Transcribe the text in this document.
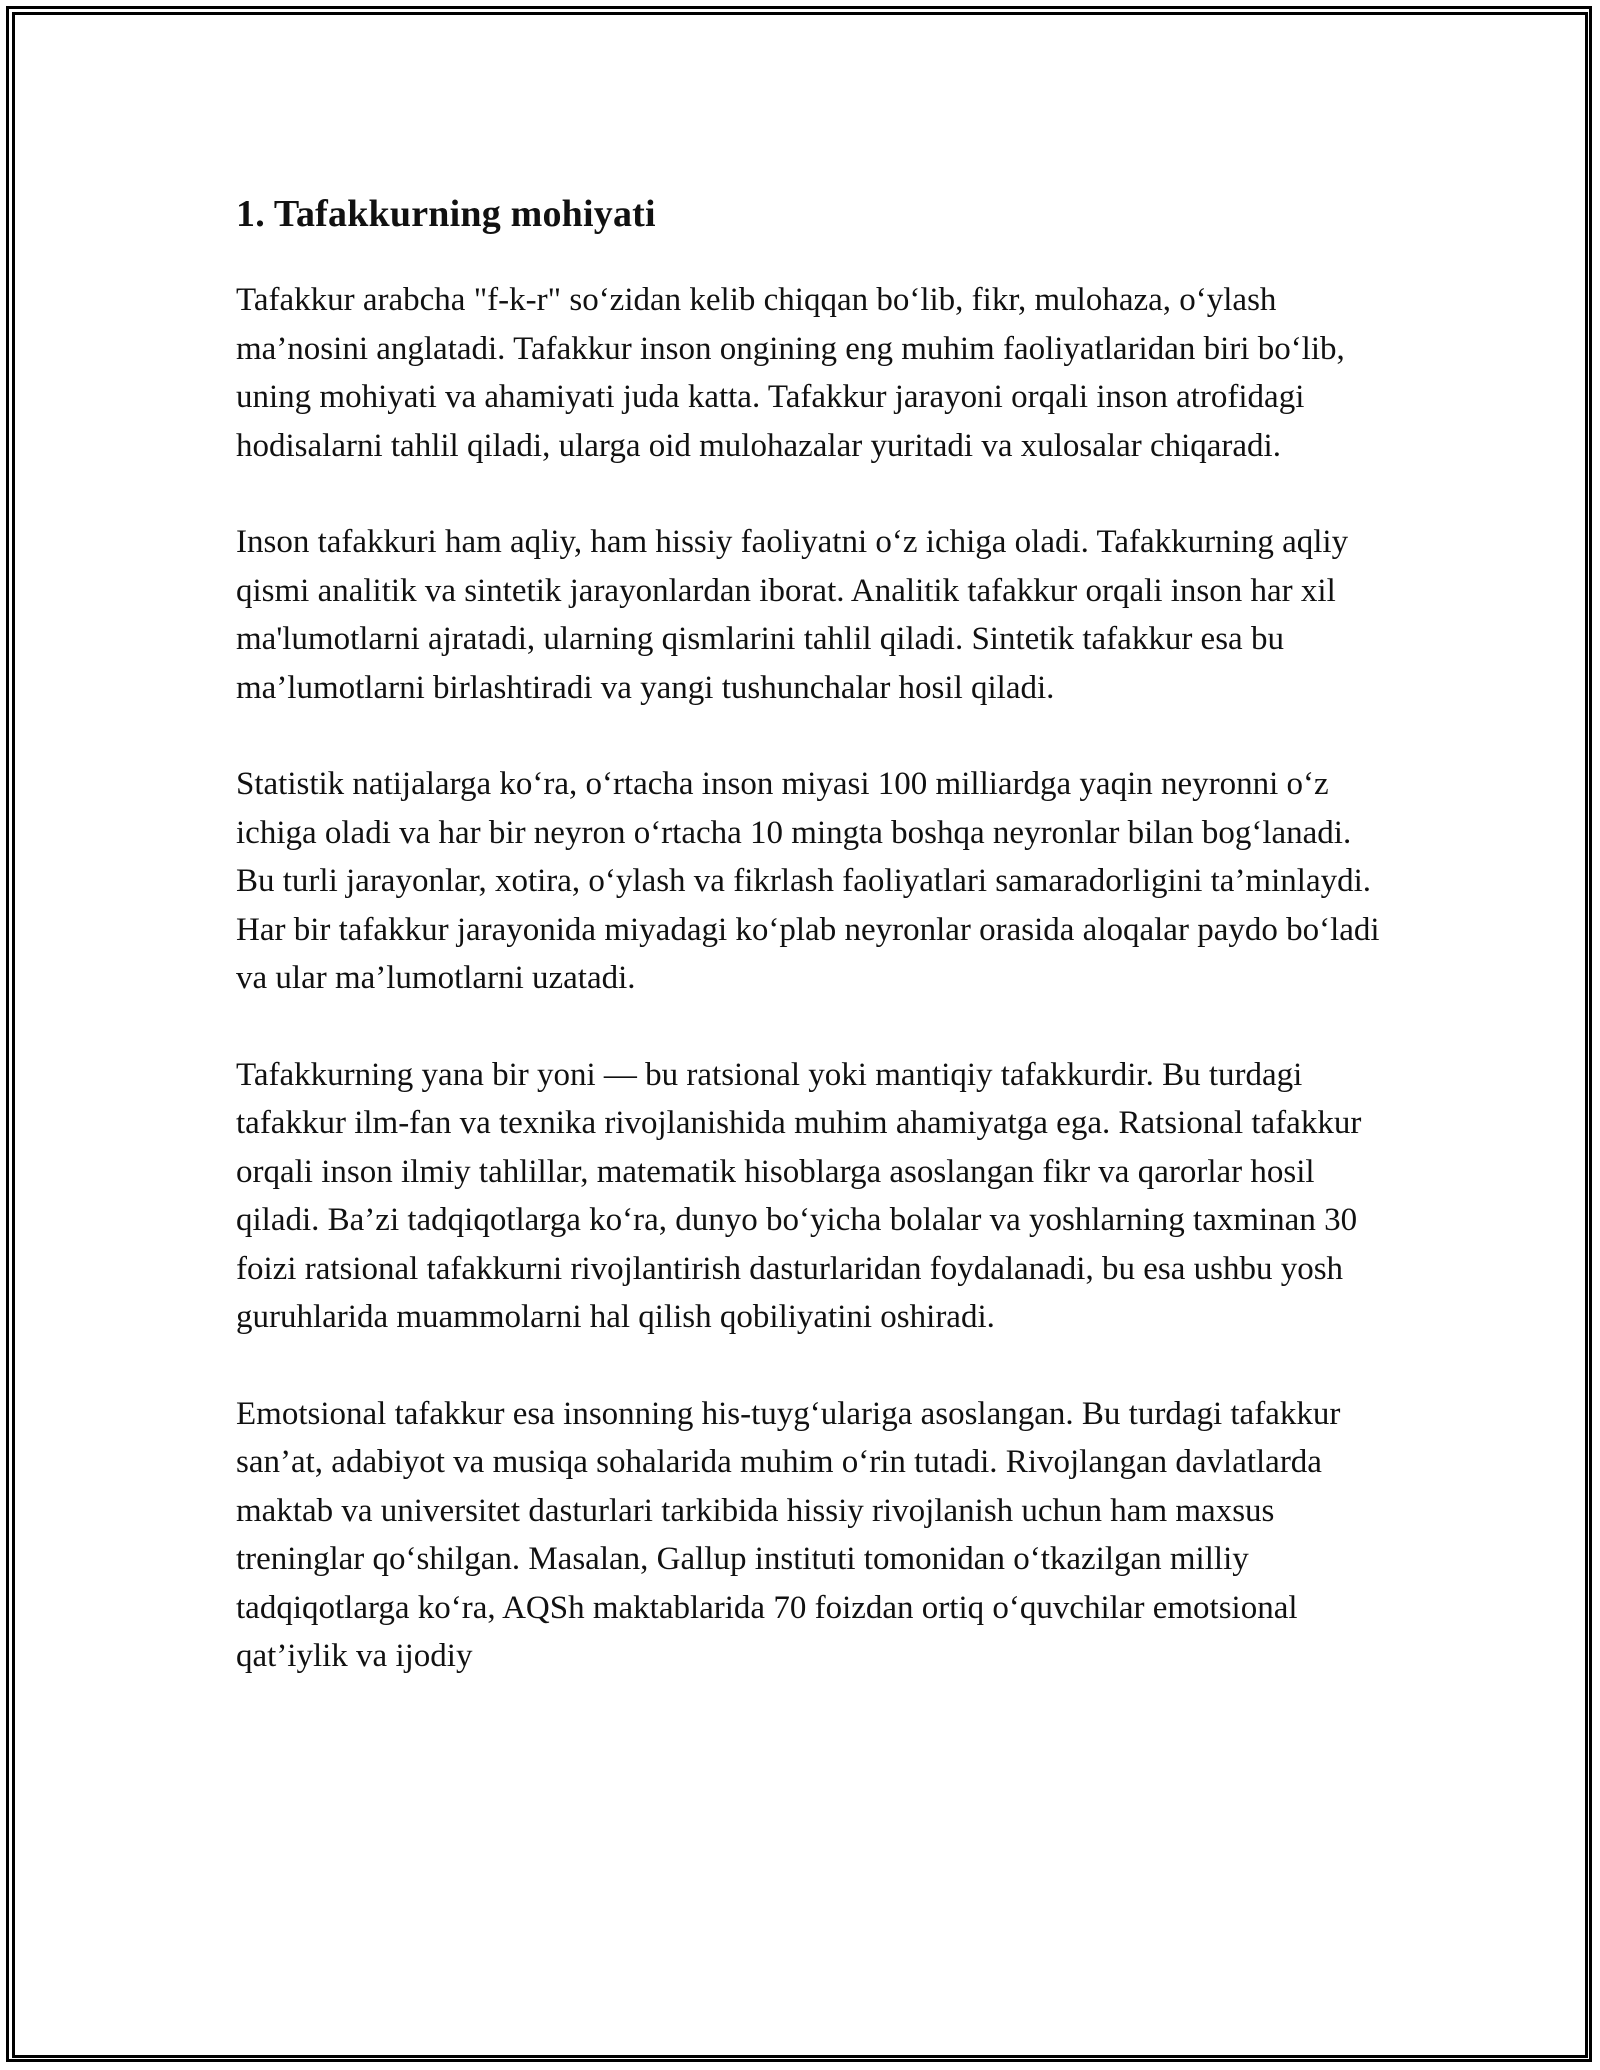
1. Tafakkurning mohiyati

Tafakkur arabcha "f-k-r" so‘zidan kelib chiqqan bo‘lib, fikr, mulohaza, o‘ylash ma’nosini anglatadi. Tafakkur inson ongining eng muhim faoliyatlaridan biri bo‘lib, uning mohiyati va ahamiyati juda katta. Tafakkur jarayoni orqali inson atrofidagi hodisalarni tahlil qiladi, ularga oid mulohazalar yuritadi va xulosalar chiqaradi.

Inson tafakkuri ham aqliy, ham hissiy faoliyatni o‘z ichiga oladi. Tafakkurning aqliy qismi analitik va sintetik jarayonlardan iborat. Analitik tafakkur orqali inson har xil ma'lumotlarni ajratadi, ularning qismlarini tahlil qiladi. Sintetik tafakkur esa bu ma’lumotlarni birlashtiradi va yangi tushunchalar hosil qiladi.

Statistik natijalarga ko‘ra, o‘rtacha inson miyasi 100 milliardga yaqin neyronni o‘z ichiga oladi va har bir neyron o‘rtacha 10 mingta boshqa neyronlar bilan bog‘lanadi. Bu turli jarayonlar, xotira, o‘ylash va fikrlash faoliyatlari samaradorligini ta’minlaydi. Har bir tafakkur jarayonida miyadagi ko‘plab neyronlar orasida aloqalar paydo bo‘ladi va ular ma’lumotlarni uzatadi.

Tafakkurning yana bir yoni — bu ratsional yoki mantiqiy tafakkurdir. Bu turdagi tafakkur ilm-fan va texnika rivojlanishida muhim ahamiyatga ega. Ratsional tafakkur orqali inson ilmiy tahlillar, matematik hisoblarga asoslangan fikr va qarorlar hosil qiladi. Ba’zi tadqiqotlarga ko‘ra, dunyo bo‘yicha bolalar va yoshlarning taxminan 30 foizi ratsional tafakkurni rivojlantirish dasturlaridan foydalanadi, bu esa ushbu yosh guruhlarida muammolarni hal qilish qobiliyatini oshiradi.

Emotsional tafakkur esa insonning his-tuyg‘ulariga asoslangan. Bu turdagi tafakkur san’at, adabiyot va musiqa sohalarida muhim o‘rin tutadi. Rivojlangan davlatlarda maktab va universitet dasturlari tarkibida hissiy rivojlanish uchun ham maxsus treninglar qo‘shilgan. Masalan, Gallup instituti tomonidan o‘tkazilgan milliy tadqiqotlarga ko‘ra, AQSh maktablarida 70 foizdan ortiq o‘quvchilar emotsional qat’iylik va ijodiy
